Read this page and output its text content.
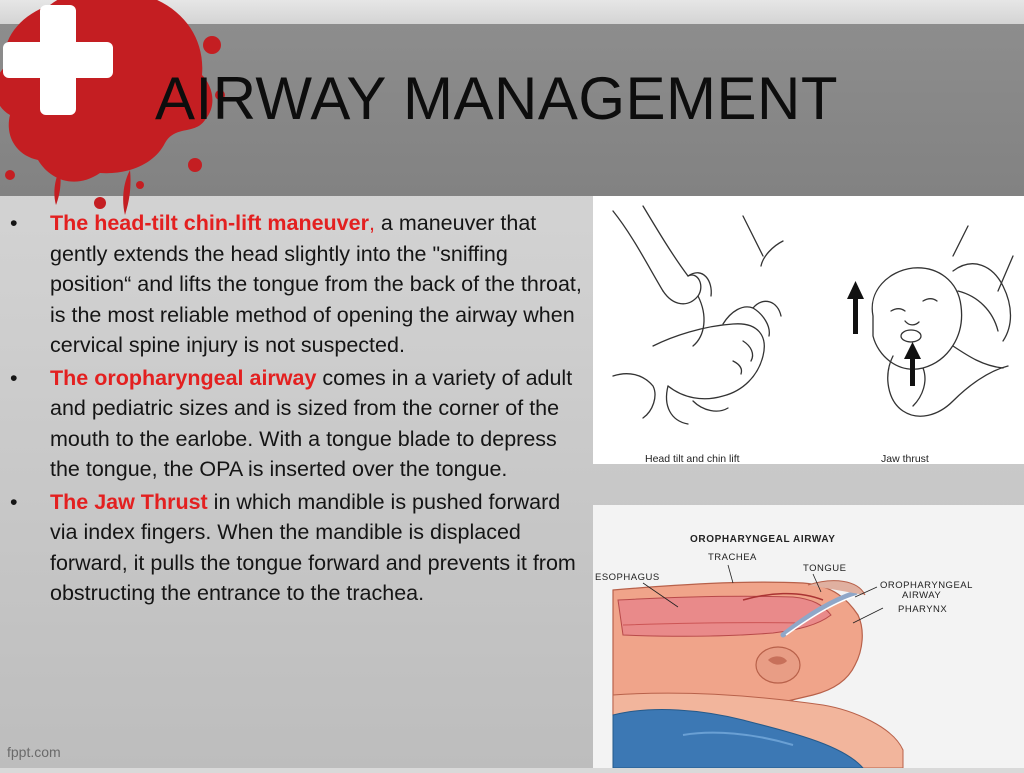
AIRWAY MANAGEMENT
• The head-tilt chin-lift maneuver, a maneuver that gently extends the head slightly into the "sniffing position“ and lifts the tongue from the back of the throat, is the most reliable method of opening the airway when cervical spine injury is not suspected.
• The oropharyngeal airway comes in a variety of adult and pediatric sizes and is sized from the corner of the mouth to the earlobe. With a tongue blade to depress the tongue, the OPA is inserted over the tongue.
• The Jaw Thrust in which mandible is pushed forward via index fingers. When the mandible is displaced forward, it pulls the tongue forward and prevents it from obstructing the entrance to the trachea.
Head tilt and chin lift	Jaw thrust
OROPHARYNGEAL AIRWAY
TRACHEA
ESOPHAGUS
TONGUE
OROPHARYNGEAL
AIRWAY
PHARYNX
fppt.com
